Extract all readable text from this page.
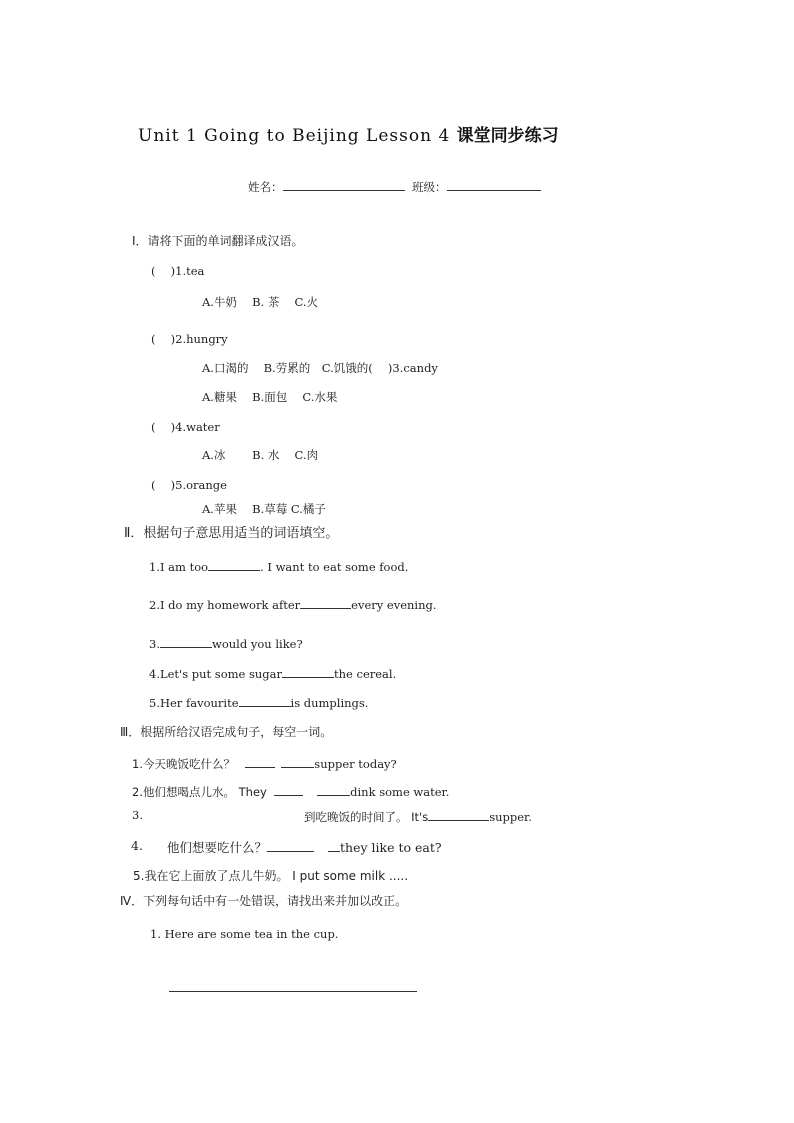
Unit 1 Going to Beijing Lesson 4 课堂同步练习
姓名：	班级：
Ⅰ．请将下面的单词翻译成汉语。
(　 )1.tea
A.牛奶　 B. 茶　 C.火
(　 )2.hungry
A.口渴的　 B.劳累的　C.饥饿的(　 )3.candy
A.糖果　 B.面包　 C.水果
(　 )4.water
A.冰　　 B. 水　 C.肉
(　 )5.orange
A.苹果　 B.草莓 C.橘子
Ⅱ．根据句子意思用适当的词语填空。
1.I am too	. I want to eat some food.
2.I do my homework after	every evening.
3.	would you like?
4.Let's put some sugar	the cereal.
5.Her favourite	is dumplings.
Ⅲ．根据所给汉语完成句子，每空一词。
1.今天晚饭吃什么？	supper today?
2.他们想喝点儿水。 They	dink some water.
3.	到吃晚饭的时间了。 It's	supper.
4. 他们想要吃什么？	they like to eat?
5.我在它上面放了点儿牛奶。 I put some milk .....
Ⅳ．下列每句话中有一处错误，请找出来并加以改正。
1. Here are some tea in the cup.
